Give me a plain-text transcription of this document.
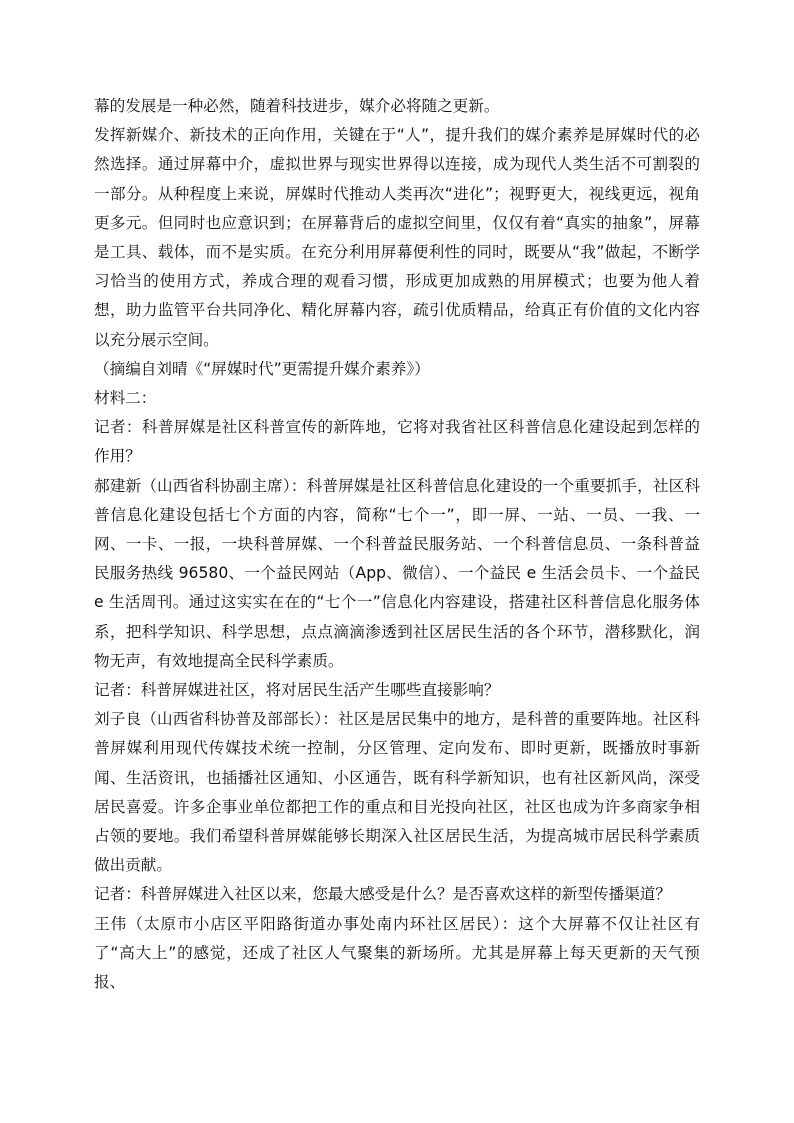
幕的发展是一种必然，随着科技进步，媒介必将随之更新。

发挥新媒介、新技术的正向作用，关键在于“人”，提升我们的媒介素养是屏媒时代的必然选择。通过屏幕中介，虚拟世界与现实世界得以连接，成为现代人类生活不可割裂的一部分。从种程度上来说，屏媒时代推动人类再次“进化”；视野更大，视线更远，视角更多元。但同时也应意识到；在屏幕背后的虚拟空间里，仅仅有着“真实的抽象”，屏幕是工具、载体，而不是实质。在充分利用屏幕便利性的同时，既要从“我”做起，不断学习恰当的使用方式，养成合理的观看习惯，形成更加成熟的用屏模式；也要为他人着想，助力监管平台共同净化、精化屏幕内容，疏引优质精品，给真正有价值的文化内容以充分展示空间。

（摘编自刘晴《“屏媒时代”更需提升媒介素养》）

材料二：

记者：科普屏媒是社区科普宣传的新阵地，它将对我省社区科普信息化建设起到怎样的作用？

郝建新（山西省科协副主席）：科普屏媒是社区科普信息化建设的一个重要抓手，社区科普信息化建设包括七个方面的内容，简称“七个一”，即一屏、一站、一员、一我、一网、一卡、一报，一块科普屏媒、一个科普益民服务站、一个科普信息员、一条科普益民服务热线 96580、一个益民网站（App、微信）、一个益民 e 生活会员卡、一个益民 e 生活周刊。通过这实实在在的“七个一”信息化内容建设，搭建社区科普信息化服务体系，把科学知识、科学思想，点点滴滴渗透到社区居民生活的各个环节，潜移默化，润物无声，有效地提高全民科学素质。

记者：科普屏媒进社区，将对居民生活产生哪些直接影响？

刘子良（山西省科协普及部部长）：社区是居民集中的地方，是科普的重要阵地。社区科普屏媒利用现代传媒技术统一控制，分区管理、定向发布、即时更新，既播放时事新闻、生活资讯，也插播社区通知、小区通告，既有科学新知识，也有社区新风尚，深受居民喜爱。许多企事业单位都把工作的重点和目光投向社区，社区也成为许多商家争相占领的要地。我们希望科普屏媒能够长期深入社区居民生活，为提高城市居民科学素质做出贡献。

记者：科普屏媒进入社区以来，您最大感受是什么？是否喜欢这样的新型传播渠道？

王伟（太原市小店区平阳路街道办事处南内环社区居民）：这个大屏幕不仅让社区有了“高大上”的感觉，还成了社区人气聚集的新场所。尤其是屏幕上每天更新的天气预报、
